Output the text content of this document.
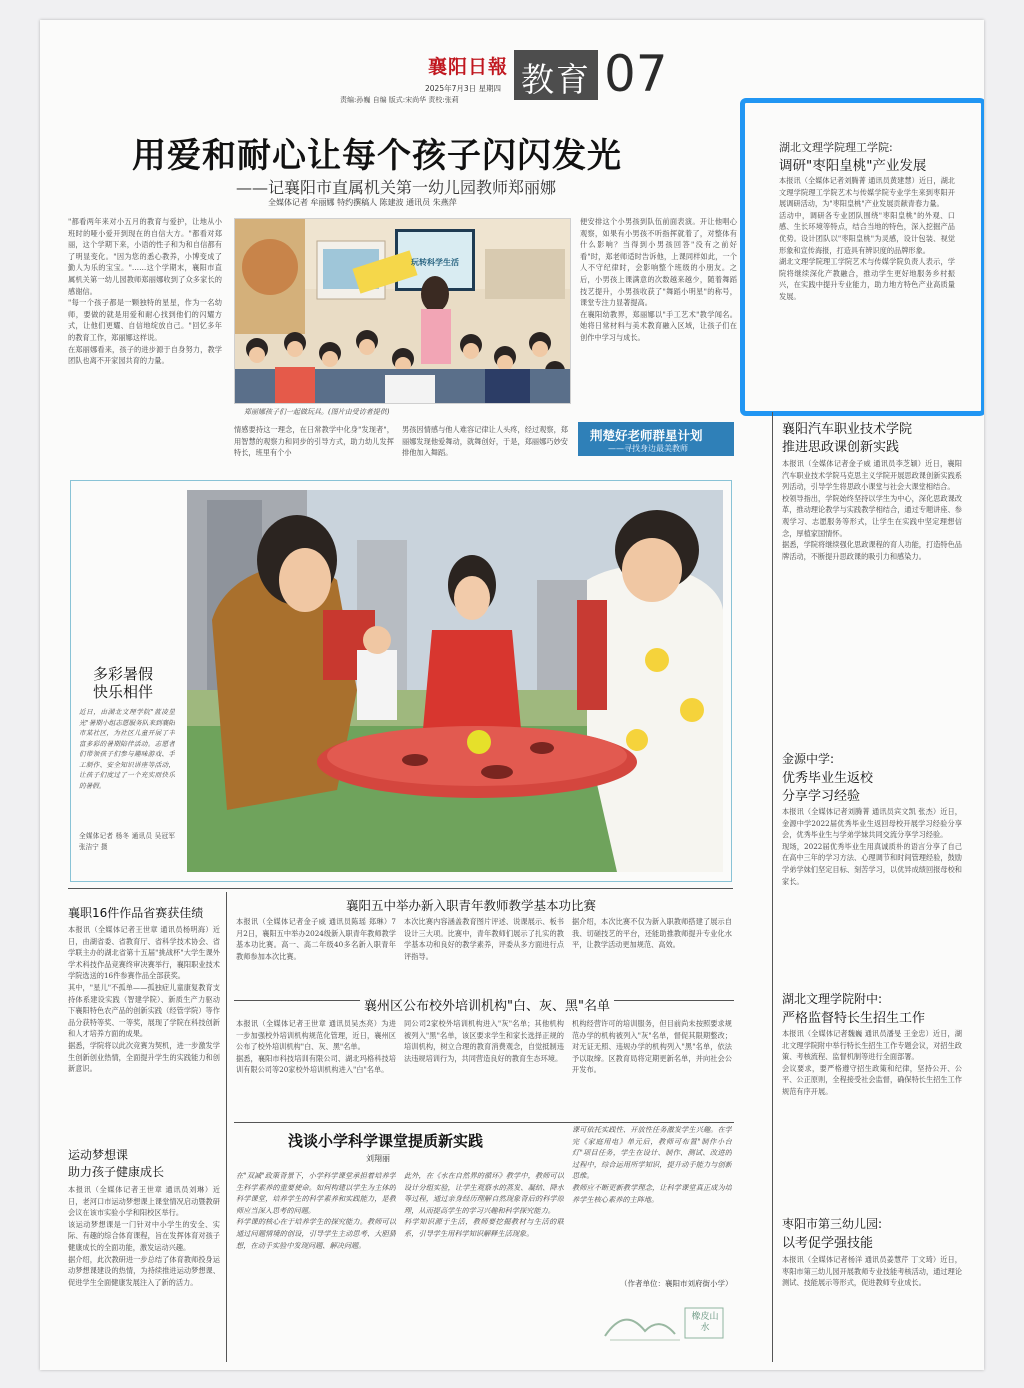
襄阳日報
2025年7月3日 星期四
责编:孙巍 自编 版式:宋尚华 责校:张莉
教育 07
用爱和耐心让每个孩子闪闪发光
——记襄阳市直属机关第一幼儿园教师郑丽娜
全媒体记者 牟丽娜 特约撰稿人 陈建波 通讯员 朱燕萍
"都看两年来对小五月的教育与爱护，让地从小班时的哑小爱开到现在的自信大方。"都看对郑丽，这个学期下来，小语的性子和为和自信都有了明显变化。"因为您的悉心教养，小博变成了勤人为乐的宝宝。"……这个学期末，襄阳市直属机关第一幼儿园教师郑丽娜收到了众多家长的感谢信。
"每一个孩子都是一颗独特的星星，作为一名幼师，要做的就是用爱和耐心找到他们的闪耀方式，让他们更耀、自信地绽放自己。"回忆多年的教育工作，郑丽娜这样说。
在郑丽娜看来，孩子的进步源于自身努力，教学团队也离不开家园共育的力量。
玩转科学生活
郑丽娜孩子们一起做玩具。(图片由受访者提供)
便安排这个小男孩到队伍前面表演。开让他唱心观察，如果有小男孩不听指挥就着了，对整体有什么影响？当得到小男孩回答"没有之前好看"时，郑老师适时告诉他，上课同样如此，一个人不守纪律时，会影响整个班级的小朋友。之后，小男孩上课满意的次数越来越少，随着舞蹈技艺提升，小男孩收获了"舞蹈小明星"的称号，课堂专注力显著提高。
在襄阳幼教界，郑丽娜以"手工艺术"教学闻名。她将日常材料与美术教育融入区域，让孩子们在创作中学习与成长。
情感要持这一理念，在日常教学中化身"发现者"，用智慧的观察力和同步的引导方式，助力幼儿发挥特长，班里有个小
男孩因情感与他人难容记律让人头疼，经过观察，郑丽娜发现他爱舞动，就舞创好，于是，郑丽娜巧妙安排他加入舞蹈。
荆楚好老师群星计划
——寻找身边最美教师
湖北文理学院理工学院:
调研"枣阳皇桃"产业发展
本报讯（全媒体记者刘腾菁 通讯员黄建慧）近日，湖北文理学院理工学院艺术与传媒学院专业学生来到枣阳开展调研活动，为"枣阳皇桃"产业发展贡献青春力量。
活动中，调研各专业团队围绕"枣阳皇桃"的外观、口感、生长环境等特点，结合当地的特色，深入挖掘产品优势。设计团队以"枣阳皇桃"为灵感，设计包装、视觉形象和宣传海报，打造具有辨识度的品牌形象。
湖北文理学院理工学院艺术与传媒学院负责人表示，学院将继续深化产教融合，推动学生更好地服务乡村振兴，在实践中提升专业能力，助力地方特色产业高质量发展。
襄阳汽车职业技术学院
推进思政课创新实践
本报讯（全媒体记者金子威 通讯员李芝颖）近日，襄阳汽车职业技术学院马克思主义学院开展思政课创新实践系列活动，引导学生将思政小课堂与社会大课堂相结合。
校领导指出，学院始终坚持以学生为中心，深化思政课改革，推动理论教学与实践教学相结合，通过专题讲座、参观学习、志愿服务等形式，让学生在实践中坚定理想信念，厚植家国情怀。
据悉，学院将继续强化思政课程的育人功能，打造特色品牌活动，不断提升思政课的吸引力和感染力。
金源中学:
优秀毕业生返校
分享学习经验
本报讯（全媒体记者刘腾菁 通讯员宾文凯 张杰）近日，金源中学2022届优秀毕业生返回母校开展学习经验分享会，优秀毕业生与学弟学妹共同交流分享学习经验。
现场，2022届优秀毕业生用真诚质朴的语言分享了自己在高中三年的学习方法、心理调节和时间管理经验，鼓励学弟学妹们坚定目标、刻苦学习，以优异成绩回报母校和家长。
湖北文理学院附中:
严格监督特长生招生工作
本报讯（全媒体记者魏巍 通讯员潘旻 王金忠）近日，湖北文理学院附中举行特长生招生工作专题会议，对招生政策、考核流程、监督机制等进行全面部署。
会议要求，要严格遵守招生政策和纪律，坚持公开、公平、公正原则，全程接受社会监督，确保特长生招生工作规范有序开展。
枣阳市第三幼儿园:
以考促学强技能
本报讯（全媒体记者杨洋 通讯员姜慧芹 丁文琦）近日，枣阳市第三幼儿园开展教师专业技能考核活动，通过理论测试、技能展示等形式，促进教师专业成长。
多彩暑假
快乐相伴
近日，由湖北文理学院"蓝凌星光"暑期小组志愿服务队来到襄阳市某社区，为社区儿童开展了丰富多彩的暑期陪伴活动。志愿者们带领孩子们参与趣味游戏、手工制作、安全知识讲座等活动，让孩子们度过了一个充实而快乐的暑假。
全媒体记者 杨冬 通讯员 吴冠军 张洁宁 摄
襄职16件作品省赛获佳绩
本报讯（全媒体记者王世章 通讯员杨明海）近日，由湖省委、省教育厅、省科学技术协会、省学联主办的湖北省第十五届"挑战杯"大学生课外学术科技作品竞赛终审决赛举行，襄阳职业技术学院选送的16件参赛作品全部获奖。
其中，"星儿"不孤单——孤独症儿童康复教育支持体系建设实践（智建学院）、新质生产力驱动下襄阳特色农产品的创新实践（经管学院）等作品分获特等奖、一等奖，展现了学院在科技创新和人才培养方面的成果。
据悉，学院将以此次竞赛为契机，进一步激发学生创新创业热情，全面提升学生的实践能力和创新意识。
运动梦想课
助力孩子健康成长
本报讯（全媒体记者王世章 通讯员刘琳）近日，老河口市运动梦想课上课堂情况启动暨教研会议在该市实验小学和阳校区举行。
该运动梦想课是一门针对中小学生的安全、实际、有趣的综合体育课程，旨在发挥体育对孩子健康成长的全面功能，激发运动兴趣。
据介绍，此次教研进一步总结了体育教师投身运动梦想课建设的热情，为持续推进运动梦想课、促进学生全面健康发展注入了新的活力。
襄阳五中举办新入职青年教师教学基本功比赛
本报讯（全媒体记者金子威 通讯员陈瑶 郑琳）7月2日，襄阳五中举办2024级新入职青年教师教学基本功比赛。高一、高二年级40多名新入职青年教师参加本次比赛。
本次比赛内容涵盖教育图片评述、说课展示、板书设计三大项。比赛中，青年教师们展示了扎实的教学基本功和良好的教学素养，评委从多方面进行点评指导。
据介绍，本次比赛不仅为新入职教师搭建了展示自我、切磋技艺的平台，还能助推教师提升专业化水平，让教学活动更加规范、高效。
襄州区公布校外培训机构"白、灰、黑"名单
本报讯（全媒体记者王世章 通讯员吴杰亮）为进一步加强校外培训机构规范化管理，近日，襄州区公布了校外培训机构"白、灰、黑"名单。
据悉，襄阳市科技培训有限公司、湖北玛格科技培训有限公司等20家校外培训机构进入"白"名单。
同公司2家校外培训机构进入"灰"名单；其他机构被列入"黑"名单，该区要求学生和家长选择正规的培训机构，树立合理的教育消费观念，自觉抵制违法违规培训行为，共同营造良好的教育生态环境。
机构经营许可的培训服务，但目前尚未按照要求规范办学的机构被列入"灰"名单，督促其限期整改；对无证无照、违规办学的机构列入"黑"名单，依法予以取缔。区教育局将定期更新名单，并向社会公开发布。
浅谈小学科学课堂提质新实践
刘翔丽
在"双减"政策背景下，小学科学课堂承担着培养学生科学素养的重要使命。如何构建以学生为主体的科学课堂，培养学生的科学素养和实践能力，是教师应当深入思考的问题。
科学课的核心在于培养学生的探究能力。教师可以通过问题情境的创设，引导学生主动思考、大胆猜想，在动手实验中发现问题、解决问题。
此外，在《水在自然界的循环》教学中，教师可以设计分组实验，让学生观察水的蒸发、凝结、降水等过程，通过亲身经历理解自然现象背后的科学原理，从而提高学生的学习兴趣和科学探究能力。
科学知识源于生活，教师要挖掘教材与生活的联系，引导学生用科学知识解释生活现象。
课可依托实践性、开放性任务激发学生兴趣。在学完《家庭用电》单元后，教师可布置"制作小台灯"项目任务，学生在设计、制作、测试、改进的过程中，综合运用所学知识，提升动手能力与创新思维。
教师应不断更新教学理念，让科学课堂真正成为培养学生核心素养的主阵地。
（作者单位：襄阳市刘府街小学）
橡皮山水
